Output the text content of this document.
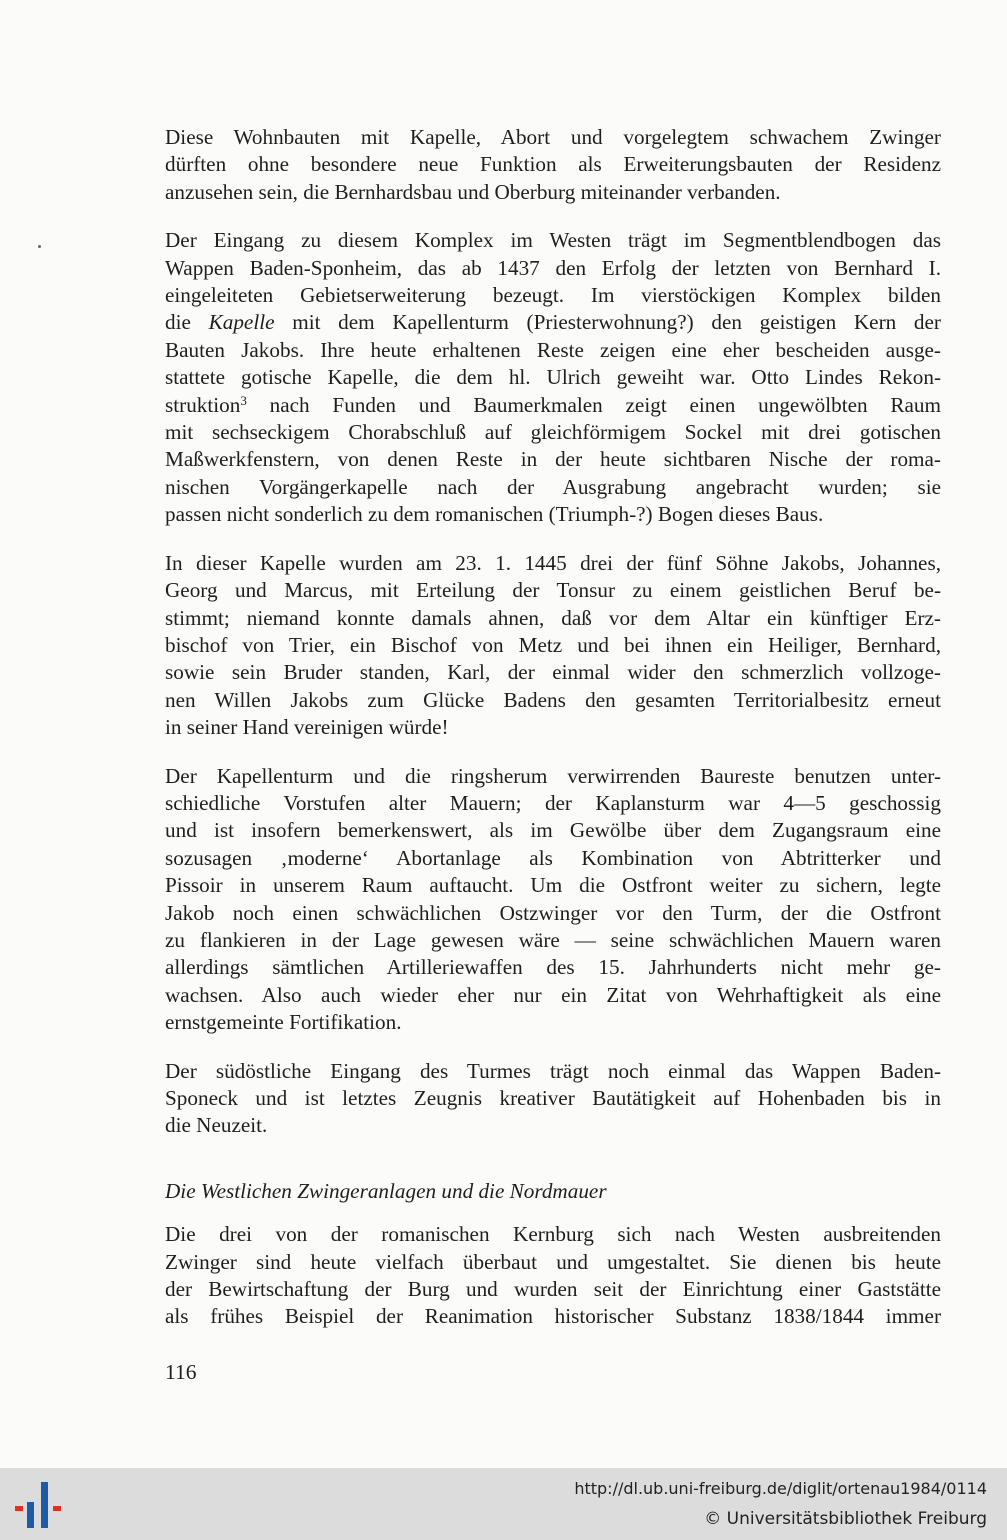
Diese Wohnbauten mit Kapelle, Abort und vorgelegtem schwachem Zwinger
dürften ohne besondere neue Funktion als Erweiterungsbauten der Residenz
anzusehen sein, die Bernhardsbau und Oberburg miteinander verbanden.

Der Eingang zu diesem Komplex im Westen trägt im Segmentblendbogen das
Wappen Baden-Sponheim, das ab 1437 den Erfolg der letzten von Bernhard I.
eingeleiteten Gebietserweiterung bezeugt. Im vierstöckigen Komplex bilden
die Kapelle mit dem Kapellenturm (Priesterwohnung?) den geistigen Kern der
Bauten Jakobs. Ihre heute erhaltenen Reste zeigen eine eher bescheiden ausge-
stattete gotische Kapelle, die dem hl. Ulrich geweiht war. Otto Lindes Rekon-
struktion$^3$ nach Funden und Baumerkmalen zeigt einen ungewölbten Raum
mit sechseckigem Chorabschluß auf gleichförmigem Sockel mit drei gotischen
Maßwerkfenstern, von denen Reste in der heute sichtbaren Nische der roma-
nischen Vorgängerkapelle nach der Ausgrabung angebracht wurden; sie
passen nicht sonderlich zu dem romanischen (Triumph-?) Bogen dieses Baus.

In dieser Kapelle wurden am 23. 1. 1445 drei der fünf Söhne Jakobs, Johannes,
Georg und Marcus, mit Erteilung der Tonsur zu einem geistlichen Beruf be-
stimmt; niemand konnte damals ahnen, daß vor dem Altar ein künftiger Erz-
bischof von Trier, ein Bischof von Metz und bei ihnen ein Heiliger, Bernhard,
sowie sein Bruder standen, Karl, der einmal wider den schmerzlich vollzoge-
nen Willen Jakobs zum Glücke Badens den gesamten Territorialbesitz erneut
in seiner Hand vereinigen würde!

Der Kapellenturm und die ringsherum verwirrenden Baureste benutzen unter-
schiedliche Vorstufen alter Mauern; der Kaplansturm war 4—5 geschossig
und ist insofern bemerkenswert, als im Gewölbe über dem Zugangsraum eine
sozusagen ‚moderne‘ Abortanlage als Kombination von Abtritterker und
Pissoir in unserem Raum auftaucht. Um die Ostfront weiter zu sichern, legte
Jakob noch einen schwächlichen Ostzwinger vor den Turm, der die Ostfront
zu flankieren in der Lage gewesen wäre — seine schwächlichen Mauern waren
allerdings sämtlichen Artilleriewaffen des 15. Jahrhunderts nicht mehr ge-
wachsen. Also auch wieder eher nur ein Zitat von Wehrhaftigkeit als eine
ernstgemeinte Fortifikation.

Der südöstliche Eingang des Turmes trägt noch einmal das Wappen Baden-
Sponeck und ist letztes Zeugnis kreativer Bautätigkeit auf Hohenbaden bis in
die Neuzeit.

Die Westlichen Zwingeranlagen und die Nordmauer

Die drei von der romanischen Kernburg sich nach Westen ausbreitenden
Zwinger sind heute vielfach überbaut und umgestaltet. Sie dienen bis heute
der Bewirtschaftung der Burg und wurden seit der Einrichtung einer Gaststätte
als frühes Beispiel der Reanimation historischer Substanz 1838/1844 immer

116
http://dl.ub.uni-freiburg.de/diglit/ortenau1984/0114
© Universitätsbibliothek Freiburg
